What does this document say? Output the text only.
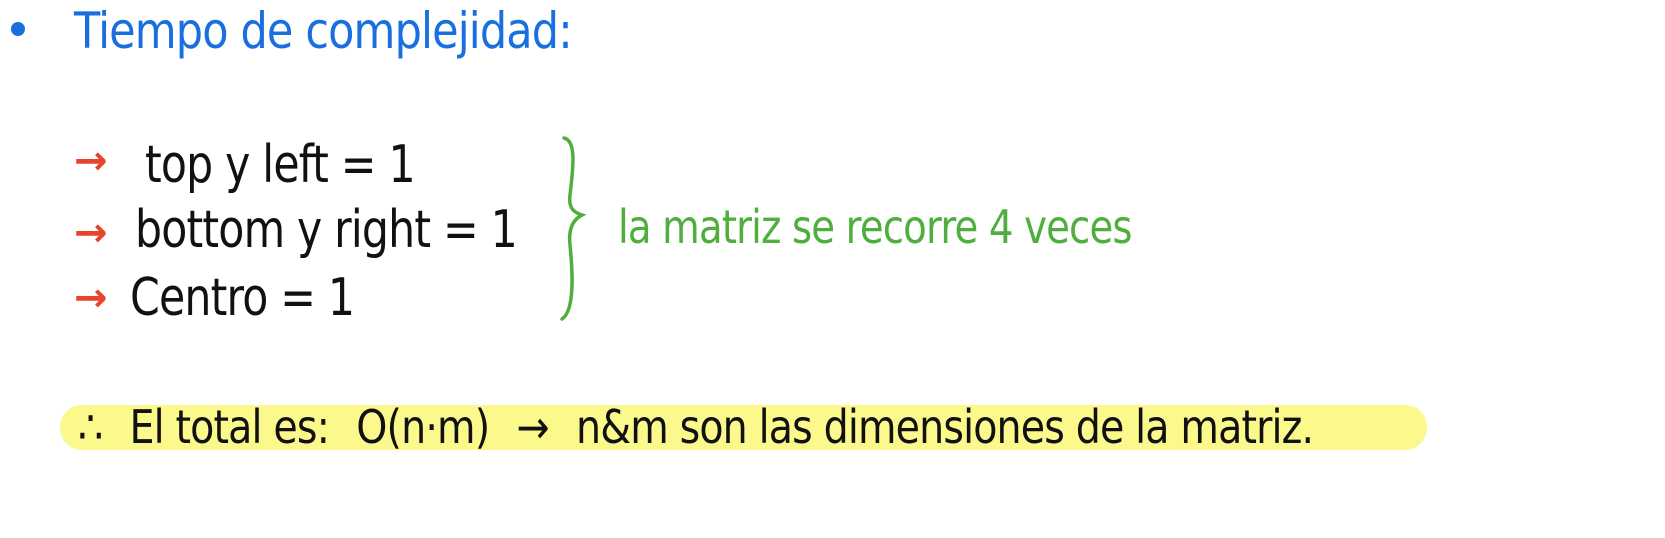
Tiempo de complejidad:
→ top y left = 1
→ bottom y right = 1
→ Centro = 1
la matriz se recorre 4 veces
∴ El total es: O(n·m) → n&m son las dimensiones de la matriz.
